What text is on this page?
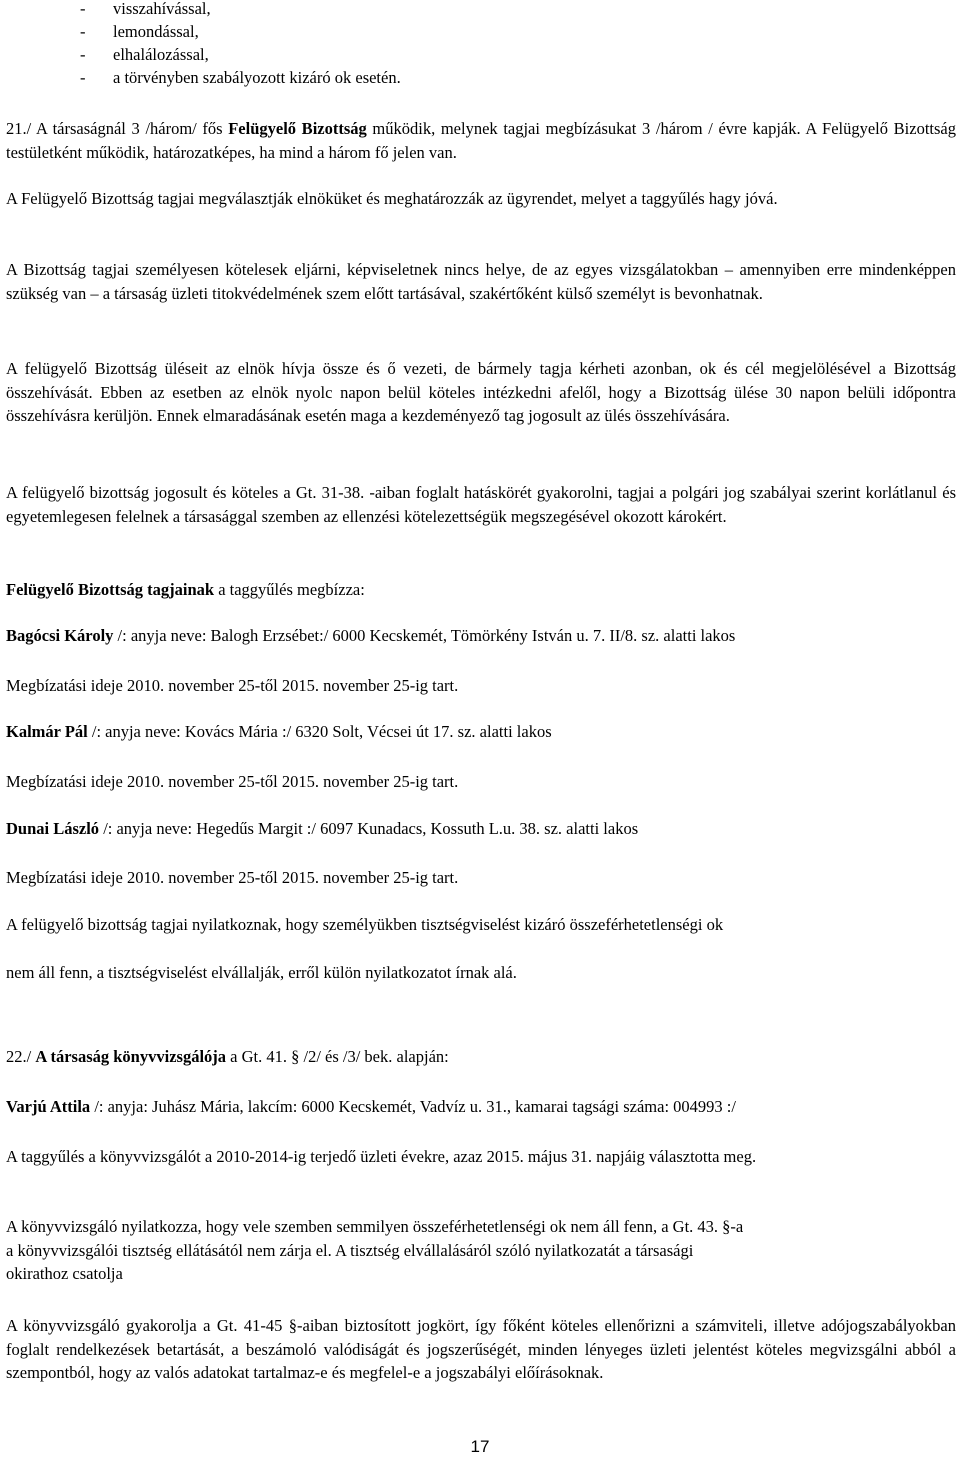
- visszahívással,
- lemondással,
- elhalálozással,
- a törvényben szabályozott kizáró ok esetén.
21./ A társaságnál 3 /három/ fős Felügyelő Bizottság működik, melynek tagjai megbízásukat 3 /három / évre kapják. A Felügyelő Bizottság testületként működik, határozatképes, ha mind a három fő jelen van.
A Felügyelő Bizottság tagjai megválasztják elnöküket és meghatározzák az ügyrendet, melyet a taggyűlés hagy jóvá.
A Bizottság tagjai személyesen kötelesek eljárni, képviseletnek nincs helye, de az egyes vizsgálatokban – amennyiben erre mindenképpen szükség van – a társaság üzleti titokvédelmének szem előtt tartásával, szakértőként külső személyt is bevonhatnak.
A felügyelő Bizottság üléseit az elnök hívja össze és ő vezeti, de bármely tagja kérheti azonban, ok és cél megjelölésével a Bizottság összehívását. Ebben az esetben az elnök nyolc napon belül köteles intézkedni afelől, hogy a Bizottság ülése 30 napon belüli időpontra összehívásra kerüljön. Ennek elmaradásának esetén maga a kezdeményező tag jogosult az ülés összehívására.
A felügyelő bizottság jogosult és köteles a Gt. 31-38. -aiban foglalt hatáskörét gyakorolni, tagjai a polgári jog szabályai szerint korlátlanul és egyetemlegesen felelnek a társasággal szemben az ellenzési kötelezettségük megszegésével okozott károkért.
Felügyelő Bizottság tagjainak a taggyűlés megbízza:
Bagócsi Károly /: anyja neve: Balogh Erzsébet:/ 6000 Kecskemét, Tömörkény István u. 7. II/8. sz. alatti lakos
Megbízatási ideje 2010. november 25-től 2015. november 25-ig tart.
Kalmár Pál /: anyja neve: Kovács Mária :/ 6320 Solt, Vécsei út 17. sz. alatti lakos
Megbízatási ideje 2010. november 25-től 2015. november 25-ig tart.
Dunai László /: anyja neve: Hegedűs Margit :/ 6097 Kunadacs, Kossuth L.u. 38. sz. alatti lakos
Megbízatási ideje 2010. november 25-től 2015. november 25-ig tart.
A felügyelő bizottság tagjai nyilatkoznak, hogy személyükben tisztségviselést kizáró összeférhetetlenségi ok
nem áll fenn, a tisztségviselést elvállalják, erről külön nyilatkozatot írnak alá.
22./ A társaság könyvvizsgálója a Gt. 41. § /2/ és /3/ bek. alapján:
Varjú Attila /: anyja: Juhász Mária, lakcím: 6000 Kecskemét, Vadvíz u. 31., kamarai tagsági száma: 004993 :/
A taggyűlés a könyvvizsgálót a 2010-2014-ig terjedő üzleti évekre, azaz 2015. május 31. napjáig választotta meg.
A könyvvizsgáló nyilatkozza, hogy vele szemben semmilyen összeférhetetlenségi ok nem áll fenn, a Gt. 43. §-a
a könyvvizsgálói tisztség ellátásától nem zárja el. A tisztség elvállalásáról szóló nyilatkozatát a társasági
okirathoz csatolja
A könyvvizsgáló gyakorolja a Gt. 41-45 §-aiban biztosított jogkört, így főként köteles ellenőrizni a számviteli, illetve adójogszabályokban foglalt rendelkezések betartását, a beszámoló valódiságát és jogszerűségét, minden lényeges üzleti jelentést köteles megvizsgálni abból a szempontból, hogy az valós adatokat tartalmaz-e és megfelel-e a jogszabályi előírásoknak.
17
